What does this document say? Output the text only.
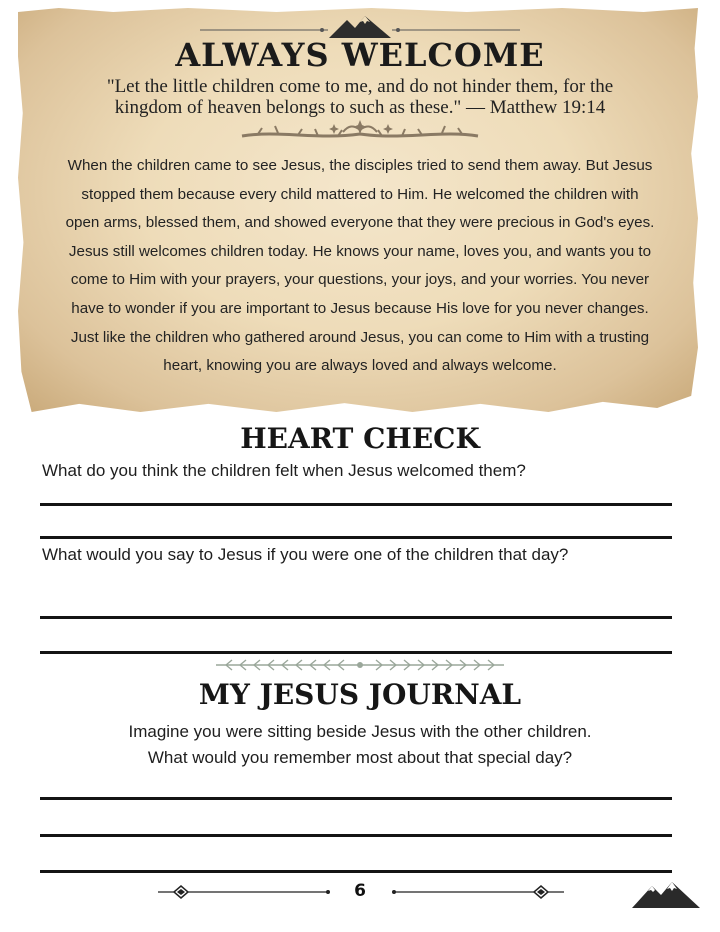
ALWAYS WELCOME
"Let the little children come to me, and do not hinder them, for the
kingdom of heaven belongs to such as these." — Matthew 19:14
When the children came to see Jesus, the disciples tried to send them away. But Jesus
stopped them because every child mattered to Him. He welcomed the children with
open arms, blessed them, and showed everyone that they were precious in God's eyes.
Jesus still welcomes children today. He knows your name, loves you, and wants you to
come to Him with your prayers, your questions, your joys, and your worries. You never
have to wonder if you are important to Jesus because His love for you never changes.
Just like the children who gathered around Jesus, you can come to Him with a trusting
heart, knowing you are always loved and always welcome.
HEART CHECK
What do you think the children felt when Jesus welcomed them?
What would you say to Jesus if you were one of the children that day?
MY JESUS JOURNAL
Imagine you were sitting beside Jesus with the other children.
What would you remember most about that special day?
6
